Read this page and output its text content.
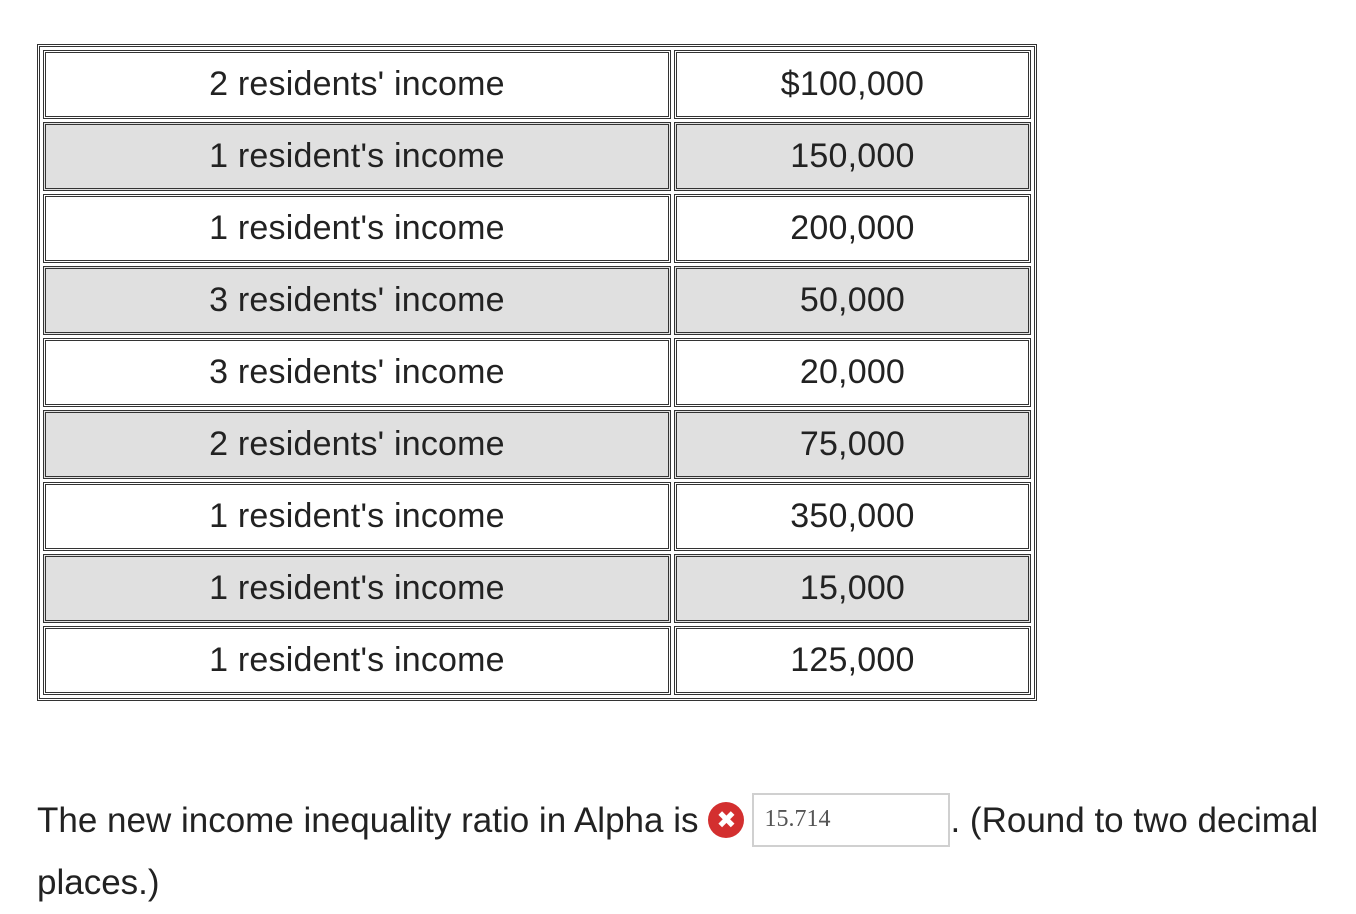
2 residents' income	$100,000
1 resident's income	150,000
1 resident's income	200,000
3 residents' income	50,000
3 residents' income	20,000
2 residents' income	75,000
1 resident's income	350,000
1 resident's income	15,000
1 resident's income	125,000
The new income inequality ratio in Alpha is ✖15.714	. (Round to two decimal places.)
